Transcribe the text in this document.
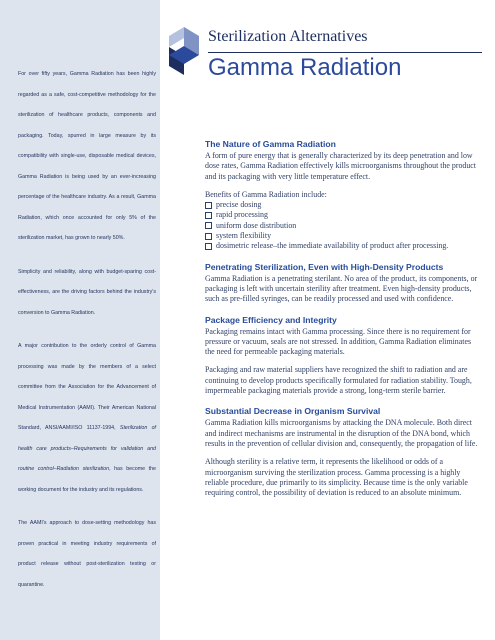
For over fifty years, Gamma Radiation has been highly regarded as a safe, cost-competitive methodology for the sterilization of healthcare products, components and packaging. Today, spurred in large measure by its compatibility with single-use, disposable medical devices, Gamma Radiation is being used by an ever-increasing percentage of the healthcare industry. As a result, Gamma Radiation, which once accounted for only 5% of the sterilization market, has grown to nearly 50%.

Simplicity and reliability, along with budget-sparing cost-effectiveness, are the driving factors behind the industry's conversion to Gamma Radiation.

A major contribution to the orderly control of Gamma processing was made by the members of a select committee from the Association for the Advancement of Medical Instrumentation (AAMI). Their American National Standard, ANSI/AAMI/ISO 11137-1994, Sterilization of health care products–Requirements for validation and routine control–Radiation sterilization, has become the working document for the industry and its regulations.

The AAMI's approach to dose-setting methodology has proven practical in meeting industry requirements of product release without post-sterilization testing or quarantine.

Sterilization Alternatives
Gamma Radiation
The Nature of Gamma Radiation

A form of pure energy that is generally characterized by its deep penetration and low dose rates, Gamma Radiation effectively kills microorganisms throughout the product and its packaging with very little temperature effect.

Benefits of Gamma Radiation include:

precise dosing
rapid processing
uniform dose distribution
system flexibility
dosimetric release–the immediate availability of product after processing.
Penetrating Sterilization, Even with High-Density Products

Gamma Radiation is a penetrating sterilant. No area of the product, its components, or packaging is left with uncertain sterility after treatment. Even high-density products, such as pre-filled syringes, can be readily processed and used with confidence.

Package Efficiency and Integrity

Packaging remains intact with Gamma processing. Since there is no requirement for pressure or vacuum, seals are not stressed. In addition, Gamma Radiation eliminates the need for permeable packaging materials.

Packaging and raw material suppliers have recognized the shift to radiation and are continuing to develop products specifically formulated for radiation stability. Tough, impermeable packaging materials provide a strong, long-term sterile barrier.

Substantial Decrease in Organism Survival

Gamma Radiation kills microorganisms by attacking the DNA molecule. Both direct and indirect mechanisms are instrumental in the disruption of the DNA bond, which results in the prevention of cellular division and, consequently, the propagation of life.

Although sterility is a relative term, it represents the likelihood or odds of a microorganism surviving the sterilization process. Gamma processing is a highly reliable procedure, due primarily to its simplicity. Because time is the only variable requiring control, the possibility of deviation is reduced to an absolute minimum.
